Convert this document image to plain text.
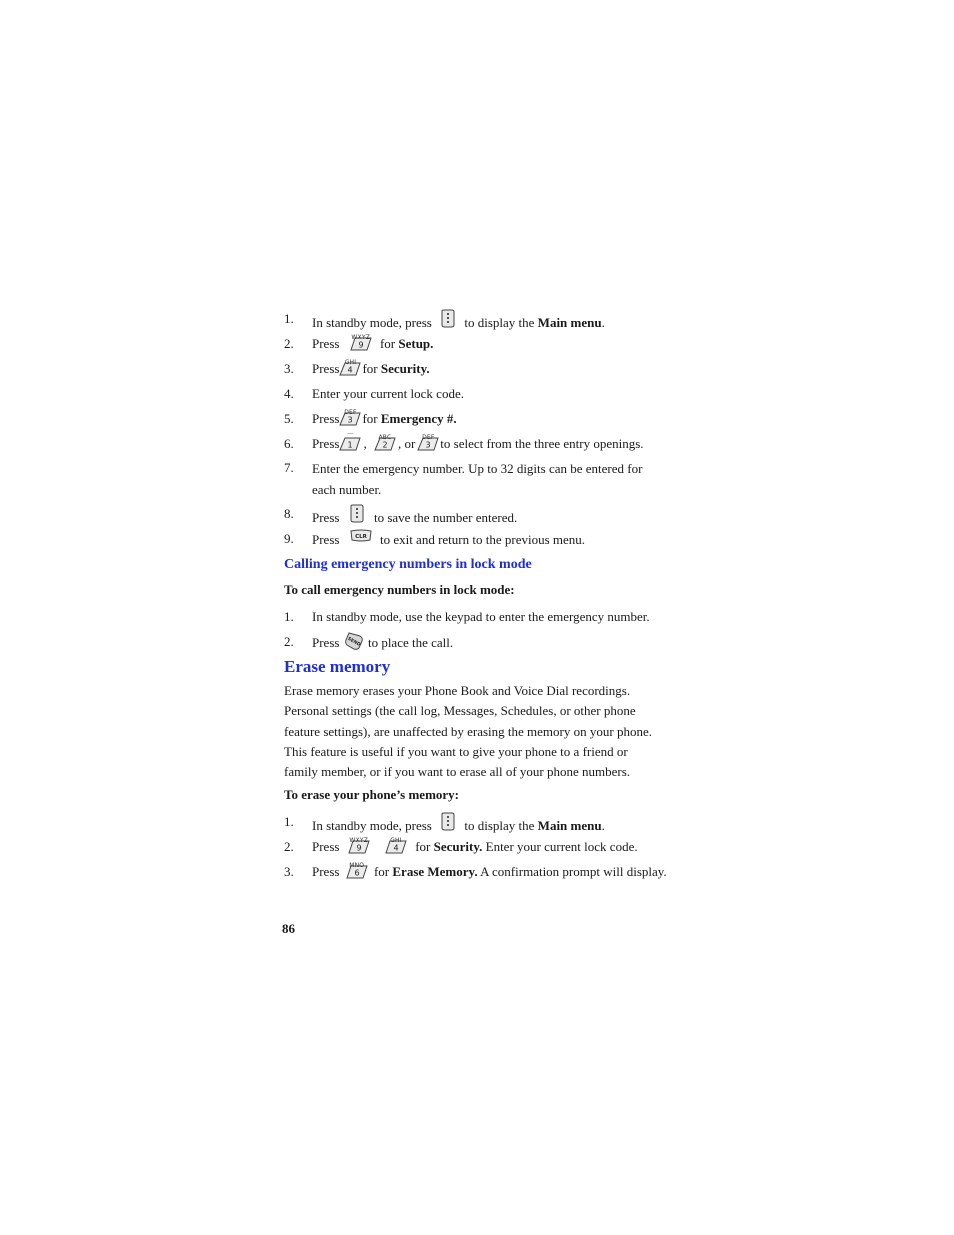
1. In standby mode, press	to display the Main menu.
2. Press WXYZ
9 for Setup.
3. Press GHI
4 for Security.
4. Enter your current lock code.
5. Press DEF
3 for Emergency #.
6. Press ⌒
1 , ABC
2 , or DEF
3 to select from the three entry openings.
7. Enter the emergency number. Up to 32 digits can be entered for each number.
8. Press	to save the number entered.
9. Press	CLR to exit and return to the previous menu.
Calling emergency numbers in lock mode
To call emergency numbers in lock mode:
1. In standby mode, use the keypad to enter the emergency number.
2. Press SEND to place the call.
Erase memory
Erase memory erases your Phone Book and Voice Dial recordings. Personal settings (the call log, Messages, Schedules, or other phone feature settings), are unaffected by erasing the memory on your phone. This feature is useful if you want to give your phone to a friend or family member, or if you want to erase all of your phone numbers.
To erase your phone’s memory:
1. In standby mode, press	to display the Main menu.
2. Press WXYZ
9

GHI
4 for Security. Enter your current lock code.
3. Press MNO
6 for Erase Memory. A confirmation prompt will display.
86
